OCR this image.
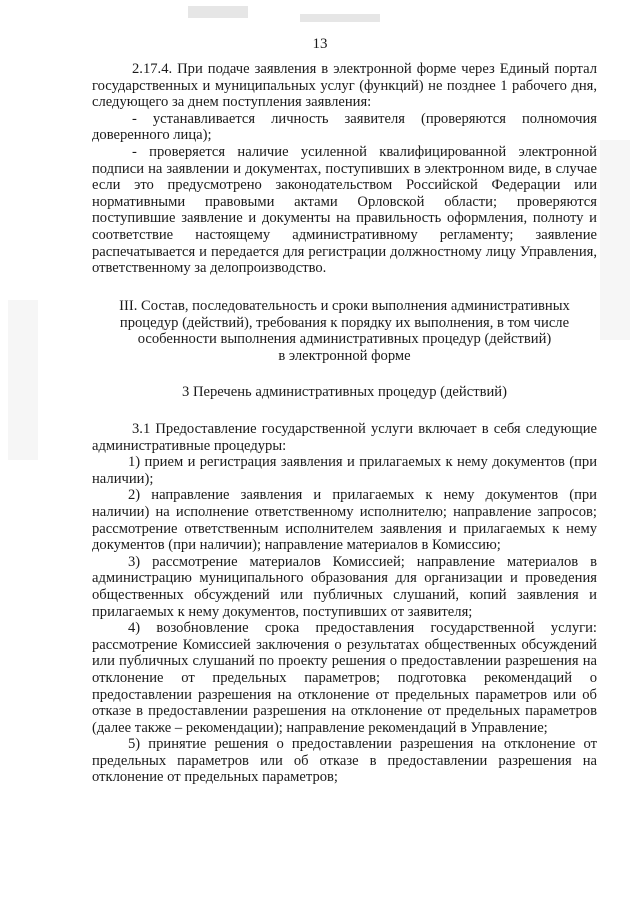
13

2.17.4. При подаче заявления в электронной форме через Единый портал государственных и муниципальных услуг (функций) не позднее 1 рабочего дня, следующего за днем поступления заявления:

- устанавливается личность заявителя (проверяются полномочия доверенного лица);

- проверяется наличие усиленной квалифицированной электронной подписи на заявлении и документах, поступивших в электронном виде, в случае если это предусмотрено законодательством Российской Федерации или нормативными правовыми актами Орловской области; проверяются поступившие заявление и документы на правильность оформления, полноту и соответствие настоящему административному регламенту; заявление распечатывается и передается для регистрации должностному лицу Управления, ответственному за делопроизводство.

III. Состав, последовательность и сроки выполнения административных

процедур (действий), требования к порядку их выполнения, в том числе

особенности выполнения административных процедур (действий)

в электронной форме

3 Перечень административных процедур (действий)

3.1 Предоставление государственной услуги включает в себя следующие административные процедуры:

1) прием и регистрация заявления и прилагаемых к нему документов (при наличии);

2) направление заявления и прилагаемых к нему документов (при наличии) на исполнение ответственному исполнителю; направление запросов; рассмотрение ответственным исполнителем заявления и прилагаемых к нему документов (при наличии); направление материалов в Комиссию;

3) рассмотрение материалов Комиссией; направление материалов в администрацию муниципального образования для организации и проведения общественных обсуждений или публичных слушаний, копий заявления и прилагаемых к нему документов, поступивших от заявителя;

4) возобновление срока предоставления государственной услуги: рассмотрение Комиссией заключения о результатах общественных обсуждений или публичных слушаний по проекту решения о предоставлении разрешения на отклонение от предельных параметров; подготовка рекомендаций о предоставлении разрешения на отклонение от предельных параметров или об отказе в предоставлении разрешения на отклонение от предельных параметров (далее также – рекомендации); направление рекомендаций в Управление;

5) принятие решения о предоставлении разрешения на отклонение от предельных параметров или об отказе в предоставлении разрешения на отклонение от предельных параметров;
